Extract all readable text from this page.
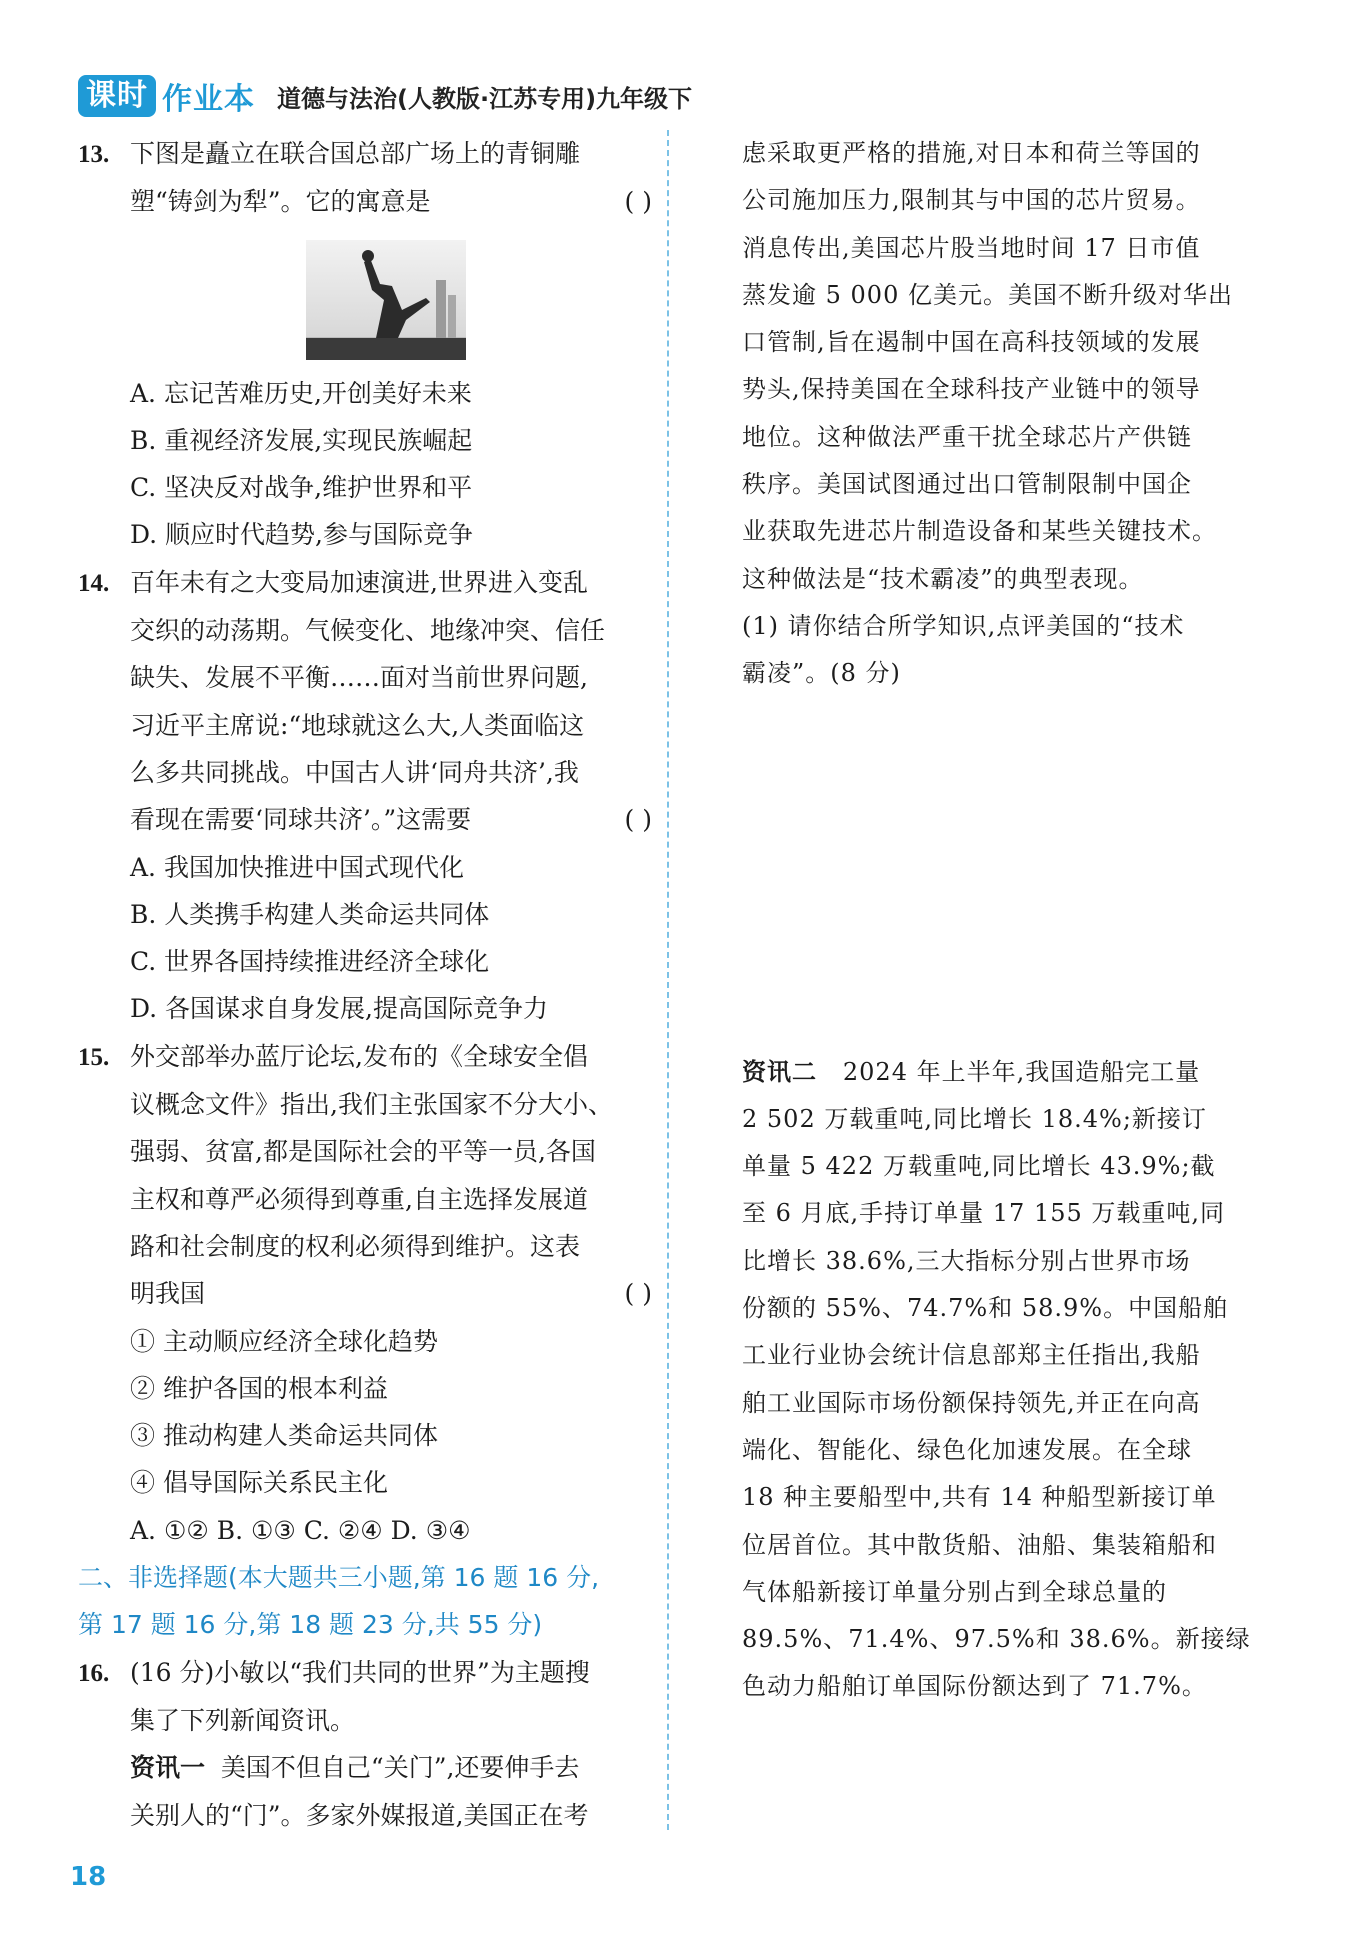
课时 作业本 道德与法治(人教版·江苏专用)九年级下
13. 下图是矗立在联合国总部广场上的青铜雕
塑“铸剑为犁”。它的寓意是	( )
A. 忘记苦难历史,开创美好未来
B. 重视经济发展,实现民族崛起
C. 坚决反对战争,维护世界和平
D. 顺应时代趋势,参与国际竞争
14. 百年未有之大变局加速演进,世界进入变乱
交织的动荡期。气候变化、地缘冲突、信任
缺失、发展不平衡……面对当前世界问题,
习近平主席说:“地球就这么大,人类面临这
么多共同挑战。中国古人讲‘同舟共济’,我
看现在需要‘同球共济’。”这需要	( )
A. 我国加快推进中国式现代化
B. 人类携手构建人类命运共同体
C. 世界各国持续推进经济全球化
D. 各国谋求自身发展,提高国际竞争力
15. 外交部举办蓝厅论坛,发布的《全球安全倡
议概念文件》指出,我们主张国家不分大小、
强弱、贫富,都是国际社会的平等一员,各国
主权和尊严必须得到尊重,自主选择发展道
路和社会制度的权利必须得到维护。这表
明我国	( )
① 主动顺应经济全球化趋势
② 维护各国的根本利益
③ 推动构建人类命运共同体
④ 倡导国际关系民主化
A. ①② B. ①③ C. ②④ D. ③④
二、非选择题(本大题共三小题,第 16 题 16 分,
第 17 题 16 分,第 18 题 23 分,共 55 分)
16. (16 分)小敏以“我们共同的世界”为主题搜
集了下列新闻资讯。
资讯一 美国不但自己“关门”,还要伸手去
关别人的“门”。多家外媒报道,美国正在考
虑采取更严格的措施,对日本和荷兰等国的
公司施加压力,限制其与中国的芯片贸易。
消息传出,美国芯片股当地时间 17 日市值
蒸发逾 5 000 亿美元。美国不断升级对华出
口管制,旨在遏制中国在高科技领域的发展
势头,保持美国在全球科技产业链中的领导
地位。这种做法严重干扰全球芯片产供链
秩序。美国试图通过出口管制限制中国企
业获取先进芯片制造设备和某些关键技术。
这种做法是“技术霸凌”的典型表现。
(1) 请你结合所学知识,点评美国的“技术
霸凌”。(8 分)
资讯二 2024 年上半年,我国造船完工量
2 502 万载重吨,同比增长 18.4%;新接订
单量 5 422 万载重吨,同比增长 43.9%;截
至 6 月底,手持订单量 17 155 万载重吨,同
比增长 38.6%,三大指标分别占世界市场
份额的 55%、74.7%和 58.9%。中国船舶
工业行业协会统计信息部郑主任指出,我船
舶工业国际市场份额保持领先,并正在向高
端化、智能化、绿色化加速发展。在全球
18 种主要船型中,共有 14 种船型新接订单
位居首位。其中散货船、油船、集装箱船和
气体船新接订单量分别占到全球总量的
89.5%、71.4%、97.5%和 38.6%。新接绿
色动力船舶订单国际份额达到了 71.7%。
18
